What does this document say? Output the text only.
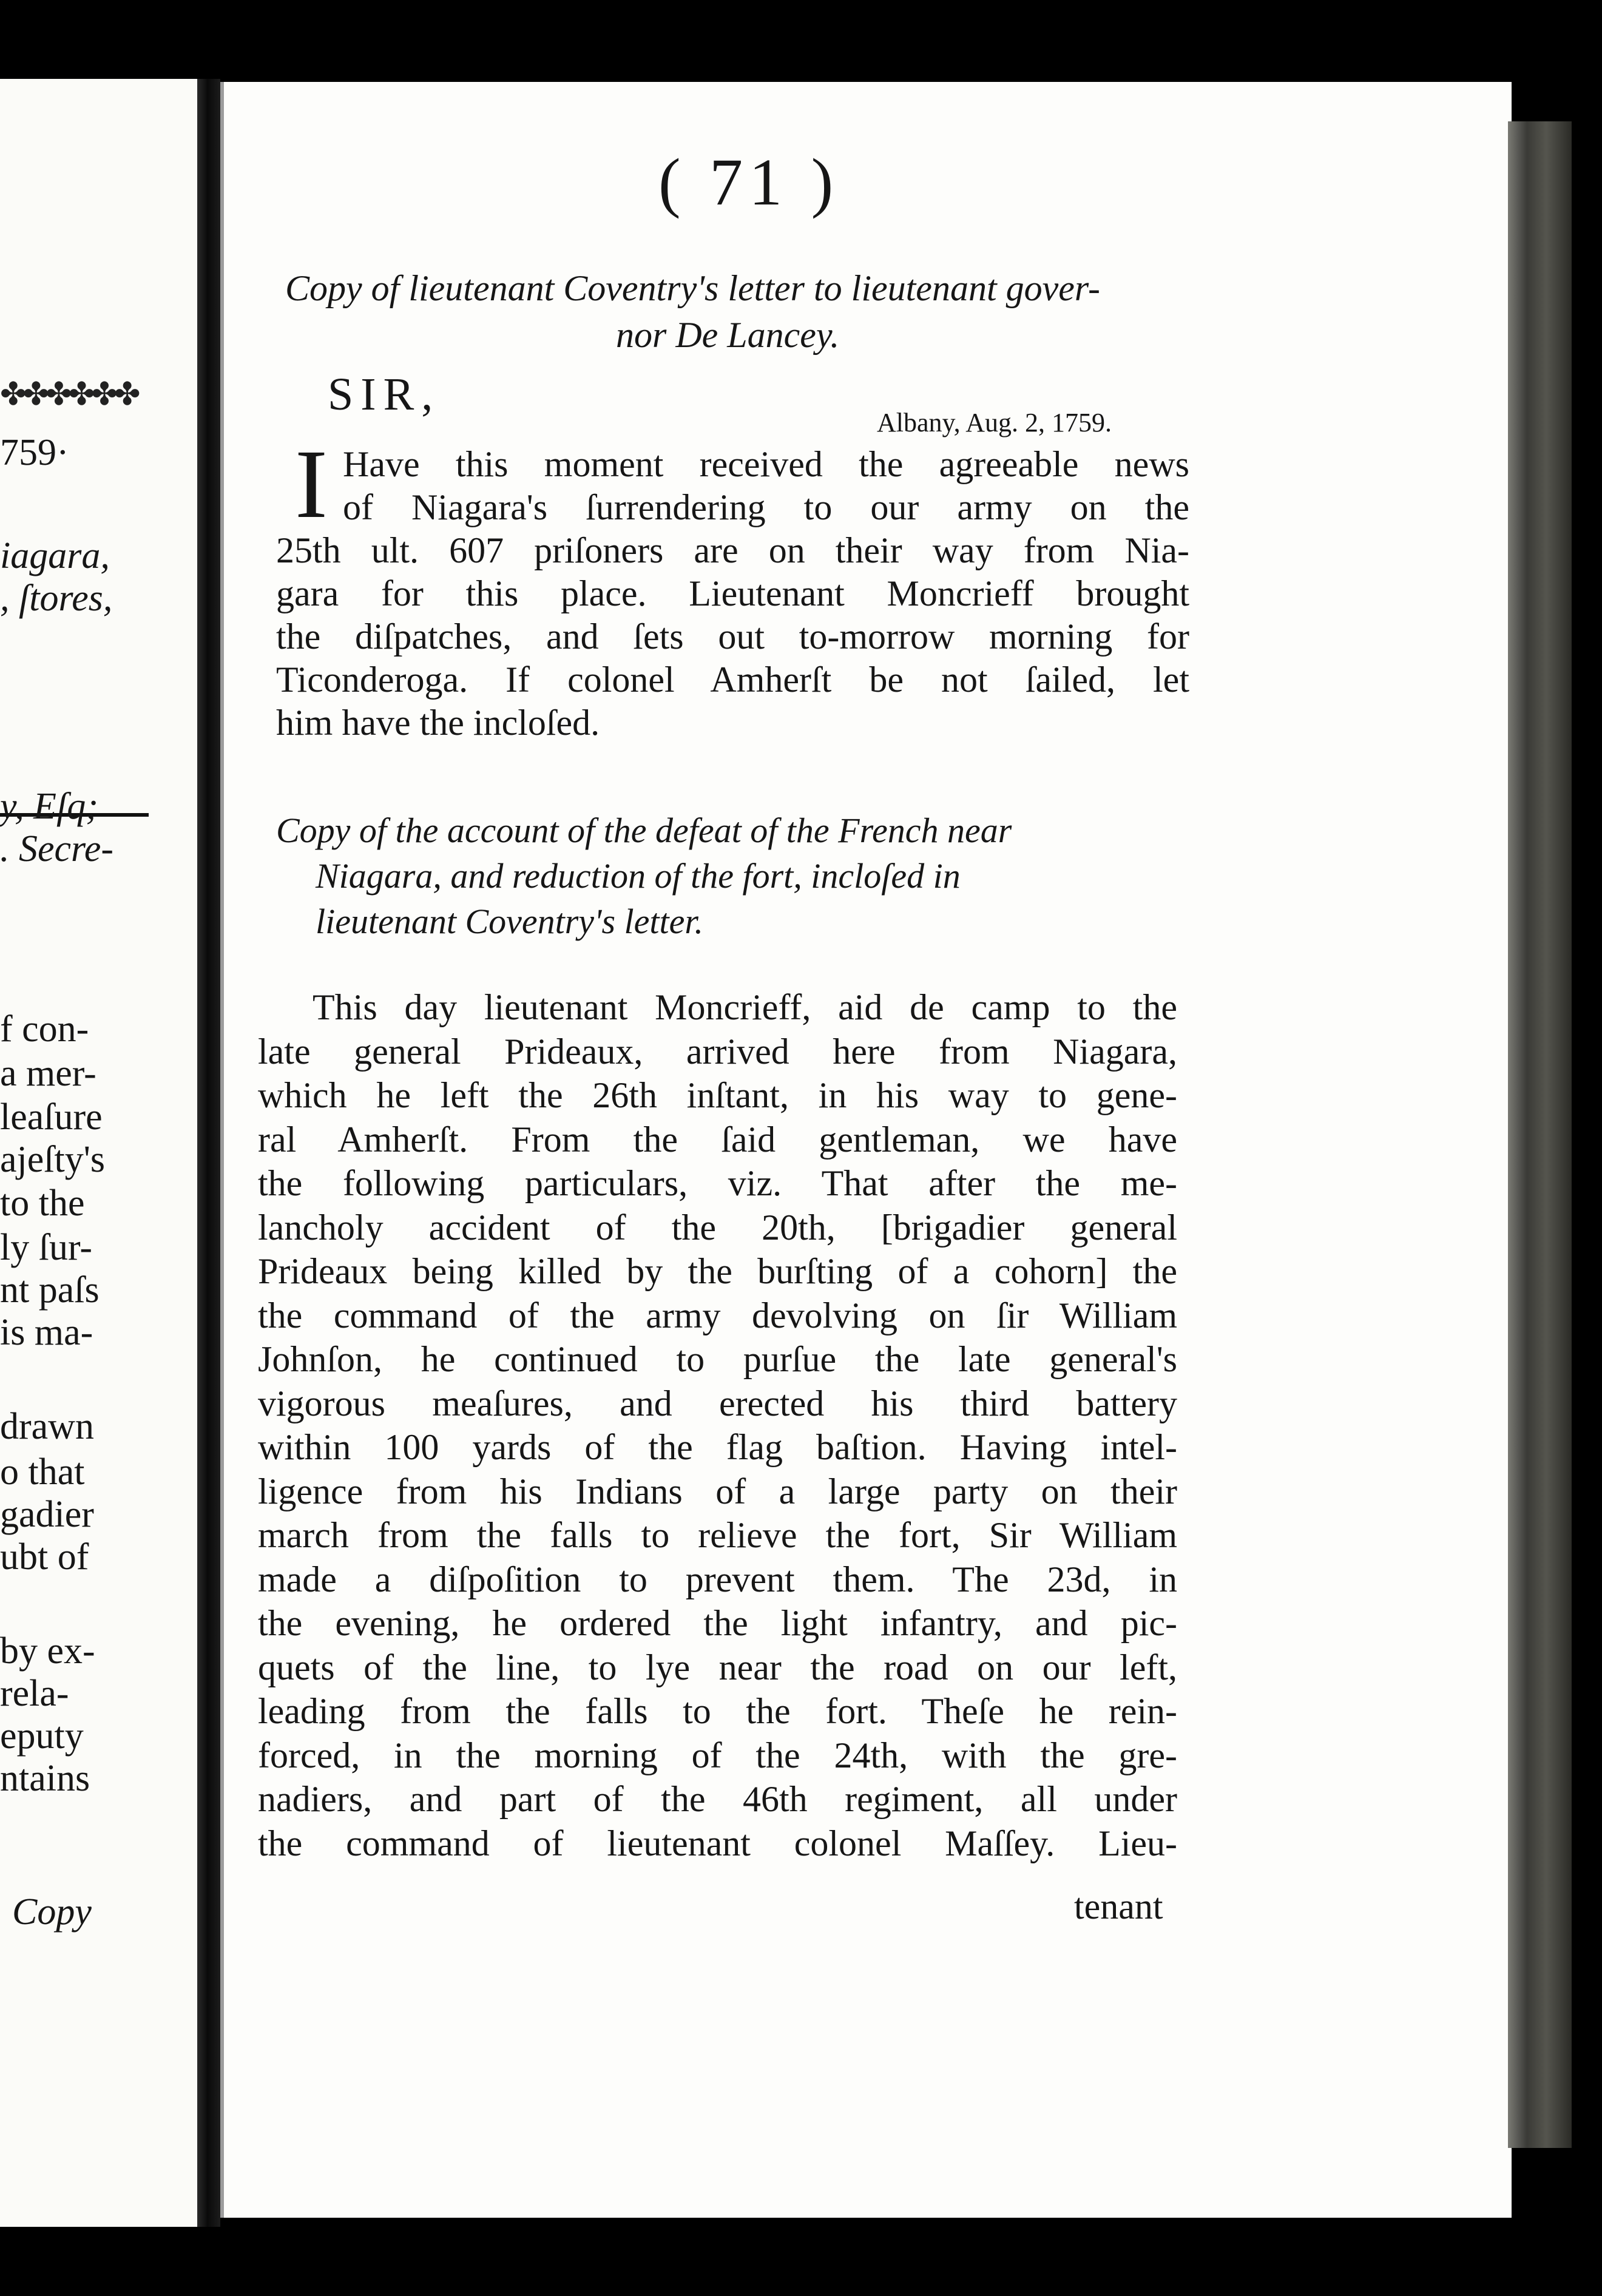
✤✤✤✤✤✤
759·
iagara,
, ſtores,
y, Eſq;
. Secre-
f con-
a mer-
leaſure
ajeſty's
to the
ly ſur-
nt paſs
is ma-
drawn
o that
gadier
ubt of
by ex-
rela-
eputy
ntains
Copy
( 71 )
Copy of lieutenant Coventry's letter to lieutenant gover-
nor De Lancey.
SIR,
Albany, Aug. 2, 1759.
I Have this moment received the agreeable news
of Niagara's ſurrendering to our army on the
25th ult. 607 priſoners are on their way from Nia-
gara for this place. Lieutenant Moncrieff brought
the diſpatches, and ſets out to-morrow morning for
Ticonderoga. If colonel Amherſt be not ſailed, let
him have the incloſed.
Copy of the account of the defeat of the French near
Niagara, and reduction of the fort, incloſed in
lieutenant Coventry's letter.
This day lieutenant Moncrieff, aid de camp to the
late general Prideaux, arrived here from Niagara,
which he left the 26th inſtant, in his way to gene-
ral Amherſt. From the ſaid gentleman, we have
the following particulars, viz. That after the me-
lancholy accident of the 20th, [brigadier general
Prideaux being killed by the burſting of a cohorn] the
the command of the army devolving on ſir William
Johnſon, he continued to purſue the late general's
vigorous meaſures, and erected his third battery
within 100 yards of the flag baſtion. Having intel-
ligence from his Indians of a large party on their
march from the falls to relieve the fort, Sir William
made a diſpoſition to prevent them. The 23d, in
the evening, he ordered the light infantry, and pic-
quets of the line, to lye near the road on our left,
leading from the falls to the fort. Theſe he rein-
forced, in the morning of the 24th, with the gre-
nadiers, and part of the 46th regiment, all under
the command of lieutenant colonel Maſſey. Lieu-
tenant
